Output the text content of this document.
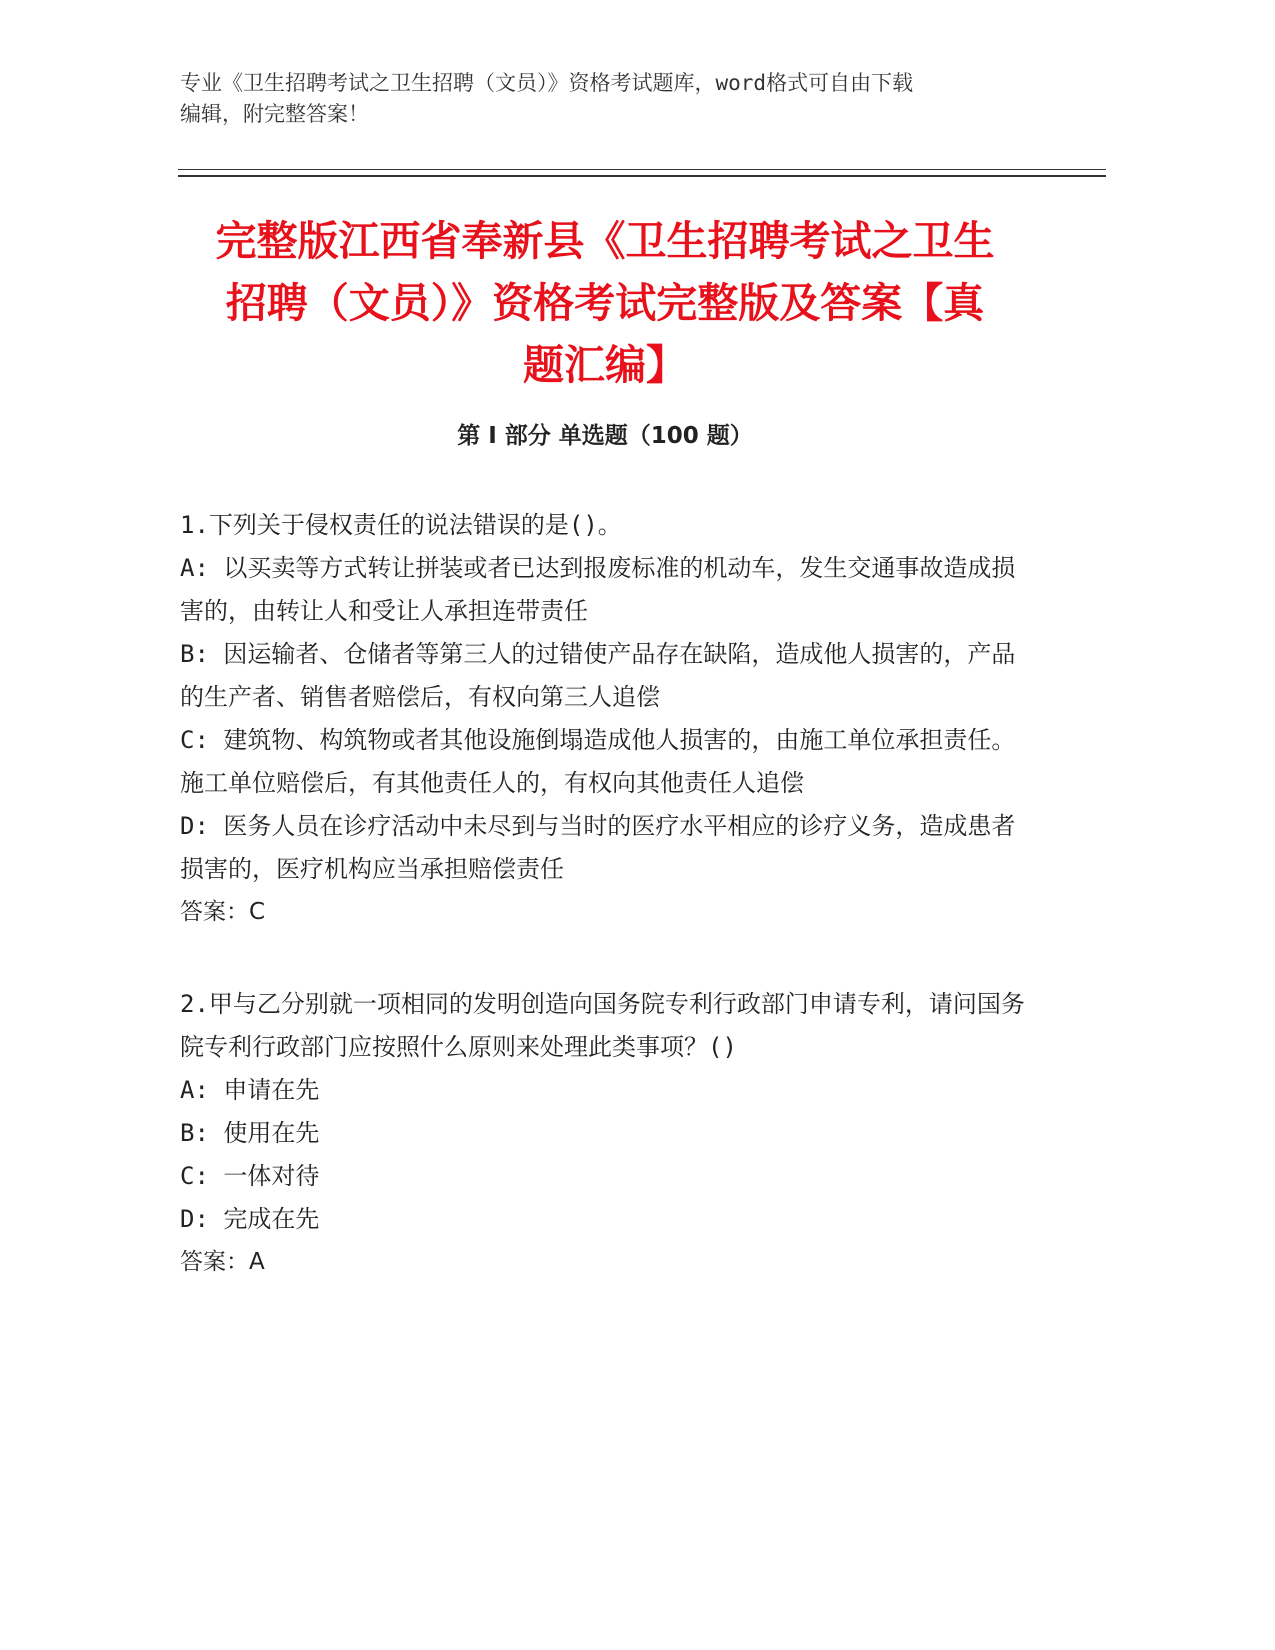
专业《卫生招聘考试之卫生招聘（文员）》资格考试题库，word格式可自由下载
编辑，附完整答案！
完整版江西省奉新县《卫生招聘考试之卫生
招聘（文员）》资格考试完整版及答案【真
题汇编】
第 I 部分 单选题（100 题）

1.下列关于侵权责任的说法错误的是()。

A: 以买卖等方式转让拼装或者已达到报废标准的机动车，发生交通事故造成损害的，由转让人和受让人承担连带责任

B: 因运输者、仓储者等第三人的过错使产品存在缺陷，造成他人损害的，产品的生产者、销售者赔偿后，有权向第三人追偿

C: 建筑物、构筑物或者其他设施倒塌造成他人损害的，由施工单位承担责任。施工单位赔偿后，有其他责任人的，有权向其他责任人追偿

D: 医务人员在诊疗活动中未尽到与当时的医疗水平相应的诊疗义务，造成患者损害的，医疗机构应当承担赔偿责任

答案：C

2.甲与乙分别就一项相同的发明创造向国务院专利行政部门申请专利，请问国务院专利行政部门应按照什么原则来处理此类事项？()

A: 申请在先

B: 使用在先

C: 一体对待

D: 完成在先

答案：A
